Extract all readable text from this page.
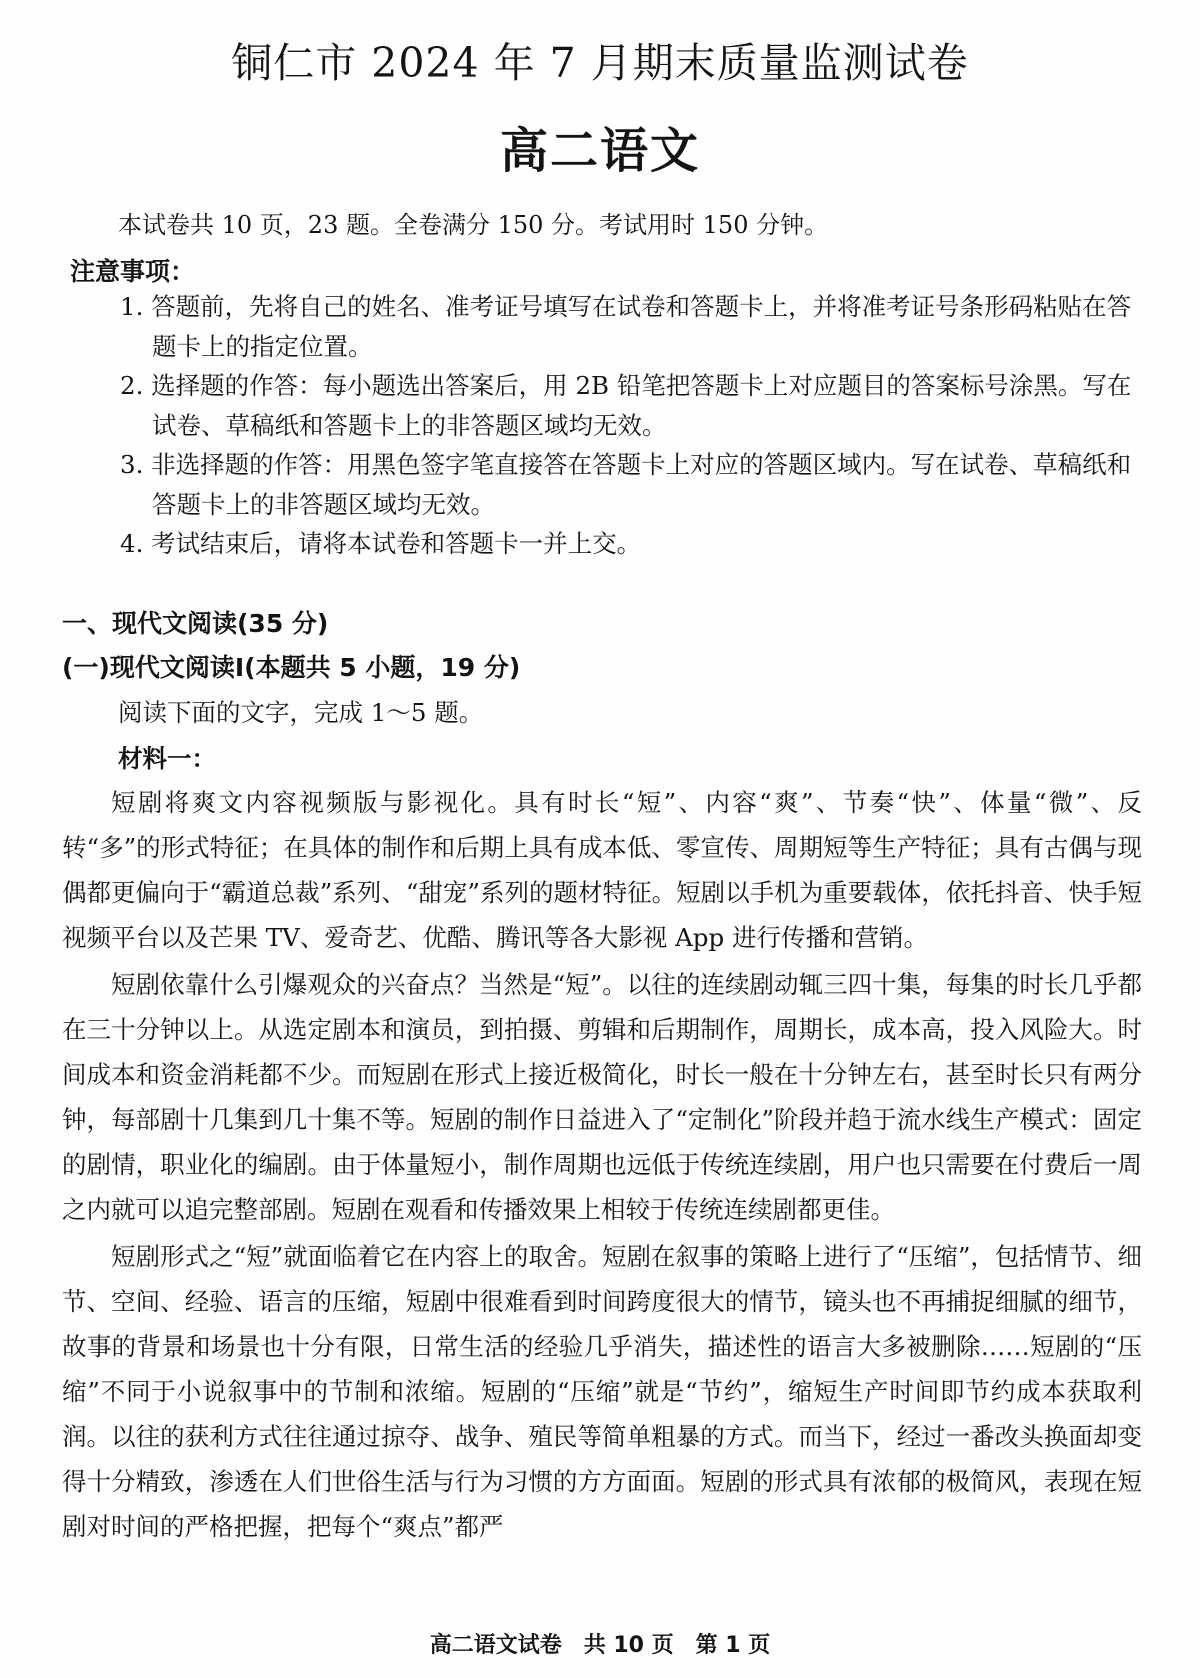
铜仁市 2024 年 7 月期末质量监测试卷
高二语文

本试卷共 10 页，23 题。全卷满分 150 分。考试用时 150 分钟。

注意事项：

1. 答题前，先将自己的姓名、准考证号填写在试卷和答题卡上，并将准考证号条形码粘贴在答题卡上的指定位置。
2. 选择题的作答：每小题选出答案后，用 2B 铅笔把答题卡上对应题目的答案标号涂黑。写在试卷、草稿纸和答题卡上的非答题区域均无效。
3. 非选择题的作答：用黑色签字笔直接答在答题卡上对应的答题区域内。写在试卷、草稿纸和答题卡上的非答题区域均无效。
4. 考试结束后，请将本试卷和答题卡一并上交。

一、现代文阅读(35 分)

(一)现代文阅读Ⅰ(本题共 5 小题，19 分)

阅读下面的文字，完成 1～5 题。

材料一：

短剧将爽文内容视频版与影视化。具有时长“短”、内容“爽”、节奏“快”、体量“微”、反转“多”的形式特征；在具体的制作和后期上具有成本低、零宣传、周期短等生产特征；具有古偶与现偶都更偏向于“霸道总裁”系列、“甜宠”系列的题材特征。短剧以手机为重要载体，依托抖音、快手短视频平台以及芒果 TV、爱奇艺、优酷、腾讯等各大影视 App 进行传播和营销。

短剧依靠什么引爆观众的兴奋点？当然是“短”。以往的连续剧动辄三四十集，每集的时长几乎都在三十分钟以上。从选定剧本和演员，到拍摄、剪辑和后期制作，周期长，成本高，投入风险大。时间成本和资金消耗都不少。而短剧在形式上接近极简化，时长一般在十分钟左右，甚至时长只有两分钟，每部剧十几集到几十集不等。短剧的制作日益进入了“定制化”阶段并趋于流水线生产模式：固定的剧情，职业化的编剧。由于体量短小，制作周期也远低于传统连续剧，用户也只需要在付费后一周之内就可以追完整部剧。短剧在观看和传播效果上相较于传统连续剧都更佳。

短剧形式之“短”就面临着它在内容上的取舍。短剧在叙事的策略上进行了“压缩”，包括情节、细节、空间、经验、语言的压缩，短剧中很难看到时间跨度很大的情节，镜头也不再捕捉细腻的细节，故事的背景和场景也十分有限，日常生活的经验几乎消失，描述性的语言大多被删除……短剧的“压缩”不同于小说叙事中的节制和浓缩。短剧的“压缩”就是“节约”，缩短生产时间即节约成本获取利润。以往的获利方式往往通过掠夺、战争、殖民等简单粗暴的方式。而当下，经过一番改头换面却变得十分精致，渗透在人们世俗生活与行为习惯的方方面面。短剧的形式具有浓郁的极简风，表现在短剧对时间的严格把握，把每个“爽点”都严

高二语文试卷　共 10 页　第 1 页
